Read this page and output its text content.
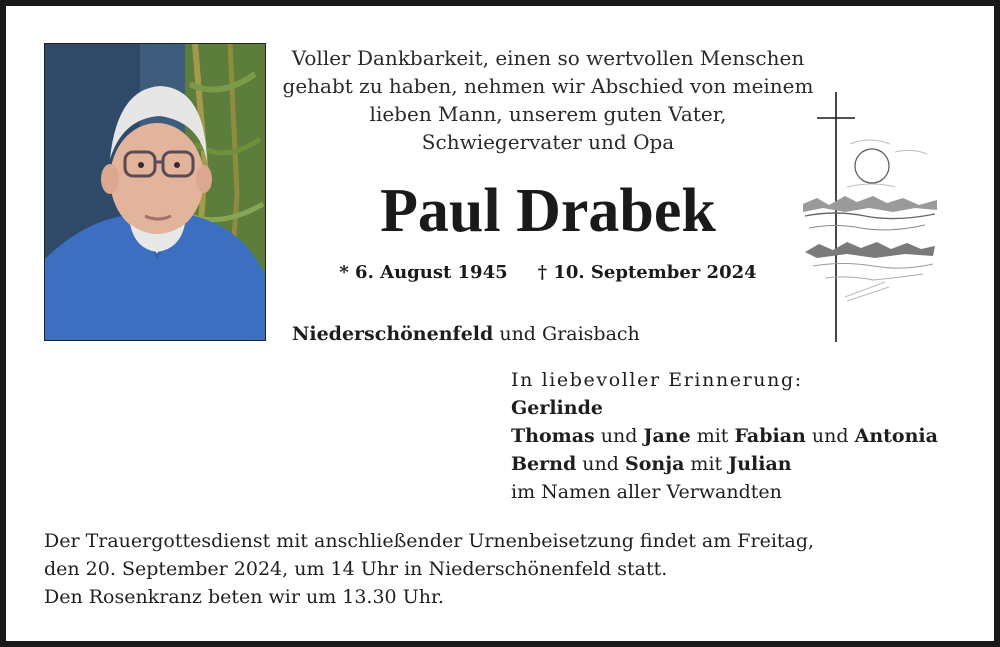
Voller Dankbarkeit, einen so wertvollen Menschen
gehabt zu haben, nehmen wir Abschied von meinem
lieben Mann, unserem guten Vater,
Schwiegervater und Opa
Paul Drabek
* 6. August 1945 † 10. September 2024
Niederschönenfeld und Graisbach
In liebevoller Erinnerung:
Gerlinde
Thomas und Jane mit Fabian und Antonia
Bernd und Sonja mit Julian
im Namen aller Verwandten
Der Trauergottesdienst mit anschließender Urnenbeisetzung findet am Freitag,
den 20. September 2024, um 14 Uhr in Niederschönenfeld statt.
Den Rosenkranz beten wir um 13.30 Uhr.
